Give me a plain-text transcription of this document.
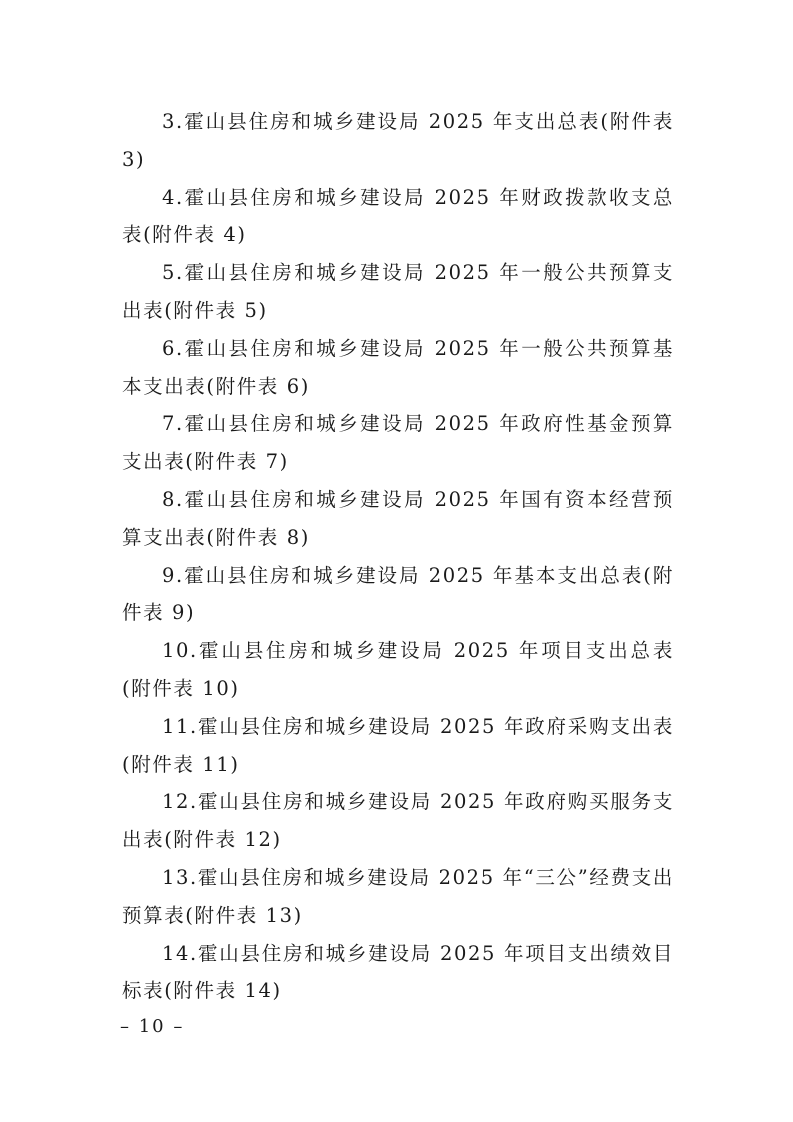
3.霍山县住房和城乡建设局 2025 年支出总表(附件表 3)

4.霍山县住房和城乡建设局 2025 年财政拨款收支总表(附件表 4)

5.霍山县住房和城乡建设局 2025 年一般公共预算支出表(附件表 5)

6.霍山县住房和城乡建设局 2025 年一般公共预算基本支出表(附件表 6)

7.霍山县住房和城乡建设局 2025 年政府性基金预算支出表(附件表 7)

8.霍山县住房和城乡建设局 2025 年国有资本经营预算支出表(附件表 8)

9.霍山县住房和城乡建设局 2025 年基本支出总表(附件表 9)

10.霍山县住房和城乡建设局 2025 年项目支出总表(附件表 10)

11.霍山县住房和城乡建设局 2025 年政府采购支出表(附件表 11)

12.霍山县住房和城乡建设局 2025 年政府购买服务支出表(附件表 12)

13.霍山县住房和城乡建设局 2025 年“三公”经费支出预算表(附件表 13)

14.霍山县住房和城乡建设局 2025 年项目支出绩效目标表(附件表 14)

– 10 –
